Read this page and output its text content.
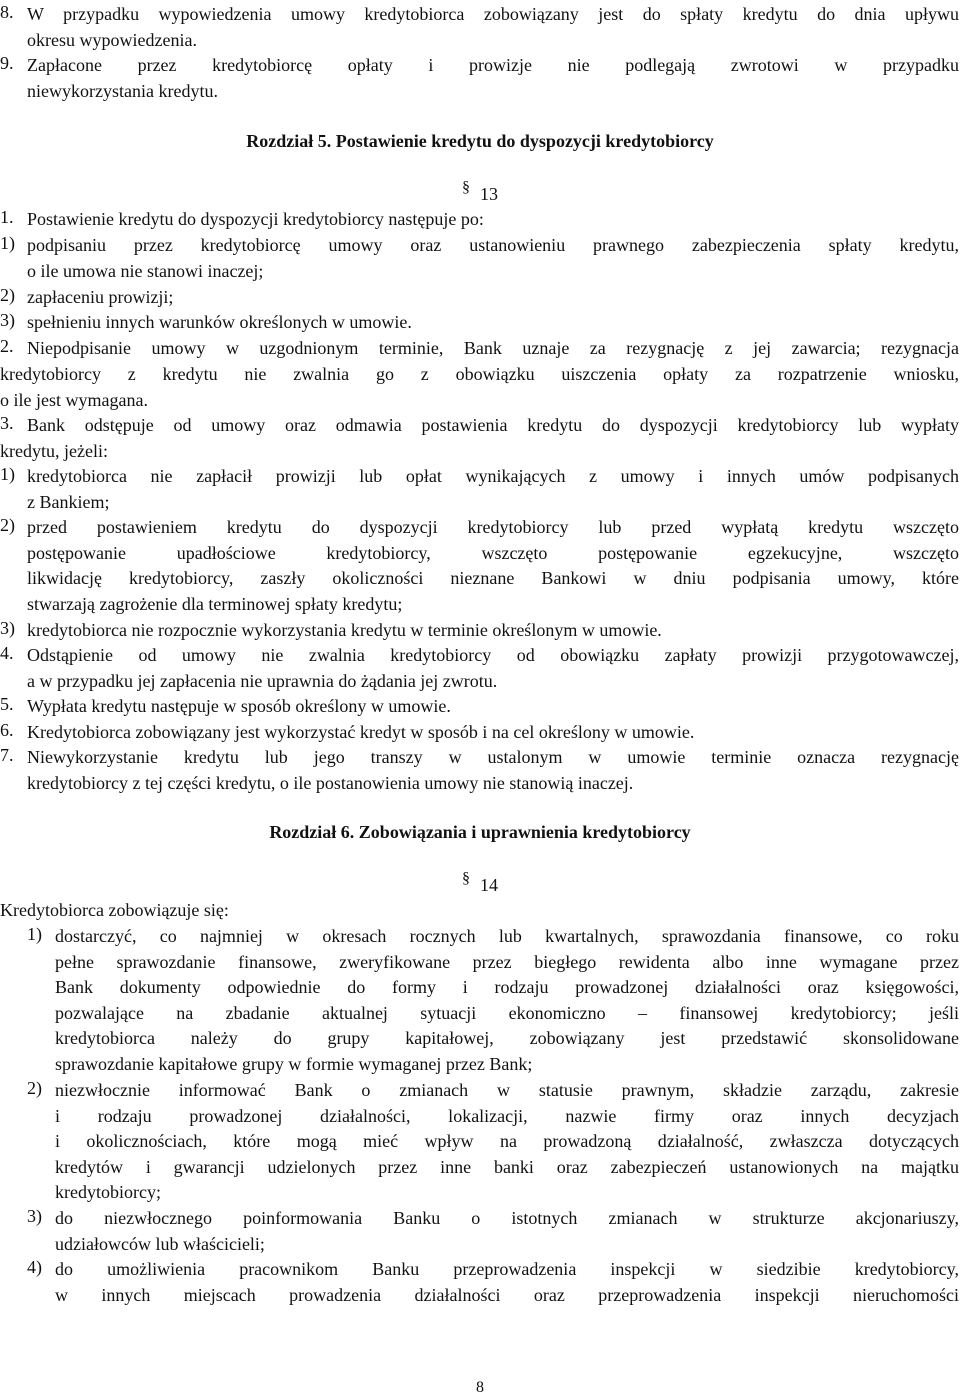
8. W przypadku wypowiedzenia umowy kredytobiorca zobowiązany jest do spłaty kredytu do dnia upływu
okresu wypowiedzenia.
9. Zapłacone przez kredytobiorcę opłaty i prowizje nie podlegają zwrotowi w przypadku
niewykorzystania kredytu.
Rozdział 5. Postawienie kredytu do dyspozycji kredytobiorcy
§13
1. Postawienie kredytu do dyspozycji kredytobiorcy następuje po:
1) podpisaniu przez kredytobiorcę umowy oraz ustanowieniu prawnego zabezpieczenia spłaty kredytu,
o ile umowa nie stanowi inaczej;
2) zapłaceniu prowizji;
3) spełnieniu innych warunków określonych w umowie.
2. Niepodpisanie umowy w uzgodnionym terminie, Bank uznaje za rezygnację z jej zawarcia; rezygnacja
kredytobiorcy z kredytu nie zwalnia go z obowiązku uiszczenia opłaty za rozpatrzenie wniosku,
o ile jest wymagana.
3. Bank odstępuje od umowy oraz odmawia postawienia kredytu do dyspozycji kredytobiorcy lub wypłaty
kredytu, jeżeli:
1) kredytobiorca nie zapłacił prowizji lub opłat wynikających z umowy i innych umów podpisanych
z Bankiem;
2) przed postawieniem kredytu do dyspozycji kredytobiorcy lub przed wypłatą kredytu wszczęto
postępowanie upadłościowe kredytobiorcy, wszczęto postępowanie egzekucyjne, wszczęto
likwidację kredytobiorcy, zaszły okoliczności nieznane Bankowi w dniu podpisania umowy, które
stwarzają zagrożenie dla terminowej spłaty kredytu;
3) kredytobiorca nie rozpocznie wykorzystania kredytu w terminie określonym w umowie.
4. Odstąpienie od umowy nie zwalnia kredytobiorcy od obowiązku zapłaty prowizji przygotowawczej,
a w przypadku jej zapłacenia nie uprawnia do żądania jej zwrotu.
5. Wypłata kredytu następuje w sposób określony w umowie.
6. Kredytobiorca zobowiązany jest wykorzystać kredyt w sposób i na cel określony w umowie.
7. Niewykorzystanie kredytu lub jego transzy w ustalonym w umowie terminie oznacza rezygnację
kredytobiorcy z tej części kredytu, o ile postanowienia umowy nie stanowią inaczej.
Rozdział 6. Zobowiązania i uprawnienia kredytobiorcy
§14
Kredytobiorca zobowiązuje się:
1) dostarczyć, co najmniej w okresach rocznych lub kwartalnych, sprawozdania finansowe, co roku
pełne sprawozdanie finansowe, zweryfikowane przez biegłego rewidenta albo inne wymagane przez
Bank dokumenty odpowiednie do formy i rodzaju prowadzonej działalności oraz księgowości,
pozwalające na zbadanie aktualnej sytuacji ekonomiczno – finansowej kredytobiorcy; jeśli
kredytobiorca należy do grupy kapitałowej, zobowiązany jest przedstawić skonsolidowane
sprawozdanie kapitałowe grupy w formie wymaganej przez Bank;
2) niezwłocznie informować Bank o zmianach w statusie prawnym, składzie zarządu, zakresie
i rodzaju prowadzonej działalności, lokalizacji, nazwie firmy oraz innych decyzjach
i okolicznościach, które mogą mieć wpływ na prowadzoną działalność, zwłaszcza dotyczących
kredytów i gwarancji udzielonych przez inne banki oraz zabezpieczeń ustanowionych na majątku
kredytobiorcy;
3) do niezwłocznego poinformowania Banku o istotnych zmianach w strukturze akcjonariuszy,
udziałowców lub właścicieli;
4) do umożliwienia pracownikom Banku przeprowadzenia inspekcji w siedzibie kredytobiorcy,
w innych miejscach prowadzenia działalności oraz przeprowadzenia inspekcji nieruchomości
8
